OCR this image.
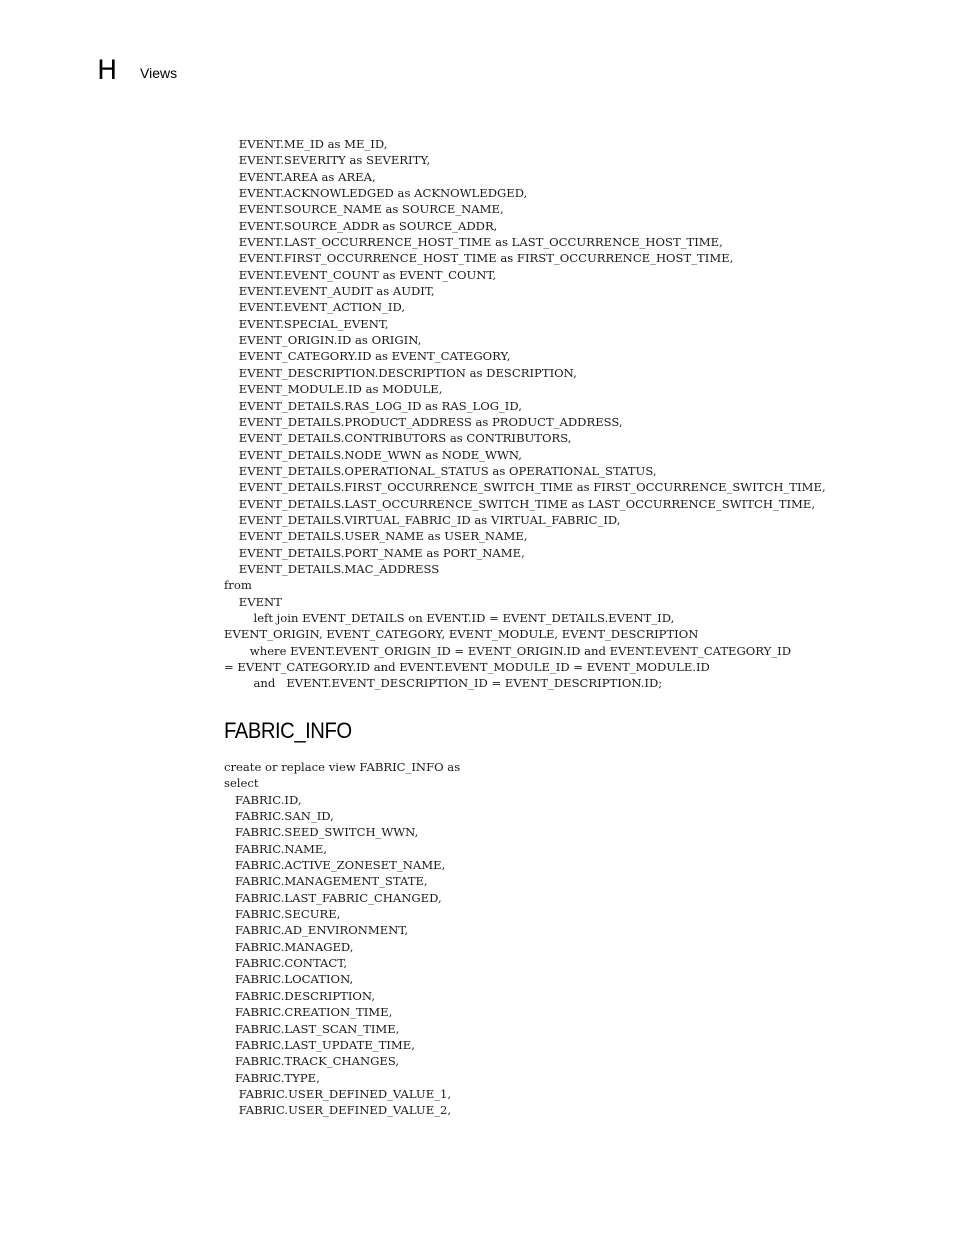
H Views
EVENT.ME_ID as ME_ID,
EVENT.SEVERITY as SEVERITY,
EVENT.AREA as AREA,
EVENT.ACKNOWLEDGED as ACKNOWLEDGED,
EVENT.SOURCE_NAME as SOURCE_NAME,
EVENT.SOURCE_ADDR as SOURCE_ADDR,
EVENT.LAST_OCCURRENCE_HOST_TIME as LAST_OCCURRENCE_HOST_TIME,
EVENT.FIRST_OCCURRENCE_HOST_TIME as FIRST_OCCURRENCE_HOST_TIME,
EVENT.EVENT_COUNT as EVENT_COUNT,
EVENT.EVENT_AUDIT as AUDIT,
EVENT.EVENT_ACTION_ID,
EVENT.SPECIAL_EVENT,
EVENT_ORIGIN.ID as ORIGIN,
EVENT_CATEGORY.ID as EVENT_CATEGORY,
EVENT_DESCRIPTION.DESCRIPTION as DESCRIPTION,
EVENT_MODULE.ID as MODULE,
EVENT_DETAILS.RAS_LOG_ID as RAS_LOG_ID,
EVENT_DETAILS.PRODUCT_ADDRESS as PRODUCT_ADDRESS,
EVENT_DETAILS.CONTRIBUTORS as CONTRIBUTORS,
EVENT_DETAILS.NODE_WWN as NODE_WWN,
EVENT_DETAILS.OPERATIONAL_STATUS as OPERATIONAL_STATUS,
EVENT_DETAILS.FIRST_OCCURRENCE_SWITCH_TIME as FIRST_OCCURRENCE_SWITCH_TIME,
EVENT_DETAILS.LAST_OCCURRENCE_SWITCH_TIME as LAST_OCCURRENCE_SWITCH_TIME,
EVENT_DETAILS.VIRTUAL_FABRIC_ID as VIRTUAL_FABRIC_ID,
EVENT_DETAILS.USER_NAME as USER_NAME,
EVENT_DETAILS.PORT_NAME as PORT_NAME,
EVENT_DETAILS.MAC_ADDRESS
from
EVENT
left join EVENT_DETAILS on EVENT.ID = EVENT_DETAILS.EVENT_ID,
EVENT_ORIGIN, EVENT_CATEGORY, EVENT_MODULE, EVENT_DESCRIPTION
where EVENT.EVENT_ORIGIN_ID = EVENT_ORIGIN.ID and EVENT.EVENT_CATEGORY_ID
= EVENT_CATEGORY.ID and EVENT.EVENT_MODULE_ID = EVENT_MODULE.ID
and   EVENT.EVENT_DESCRIPTION_ID = EVENT_DESCRIPTION.ID;
FABRIC_INFO
create or replace view FABRIC_INFO as
select
FABRIC.ID,
FABRIC.SAN_ID,
FABRIC.SEED_SWITCH_WWN,
FABRIC.NAME,
FABRIC.ACTIVE_ZONESET_NAME,
FABRIC.MANAGEMENT_STATE,
FABRIC.LAST_FABRIC_CHANGED,
FABRIC.SECURE,
FABRIC.AD_ENVIRONMENT,
FABRIC.MANAGED,
FABRIC.CONTACT,
FABRIC.LOCATION,
FABRIC.DESCRIPTION,
FABRIC.CREATION_TIME,
FABRIC.LAST_SCAN_TIME,
FABRIC.LAST_UPDATE_TIME,
FABRIC.TRACK_CHANGES,
FABRIC.TYPE,
FABRIC.USER_DEFINED_VALUE_1,
FABRIC.USER_DEFINED_VALUE_2,
